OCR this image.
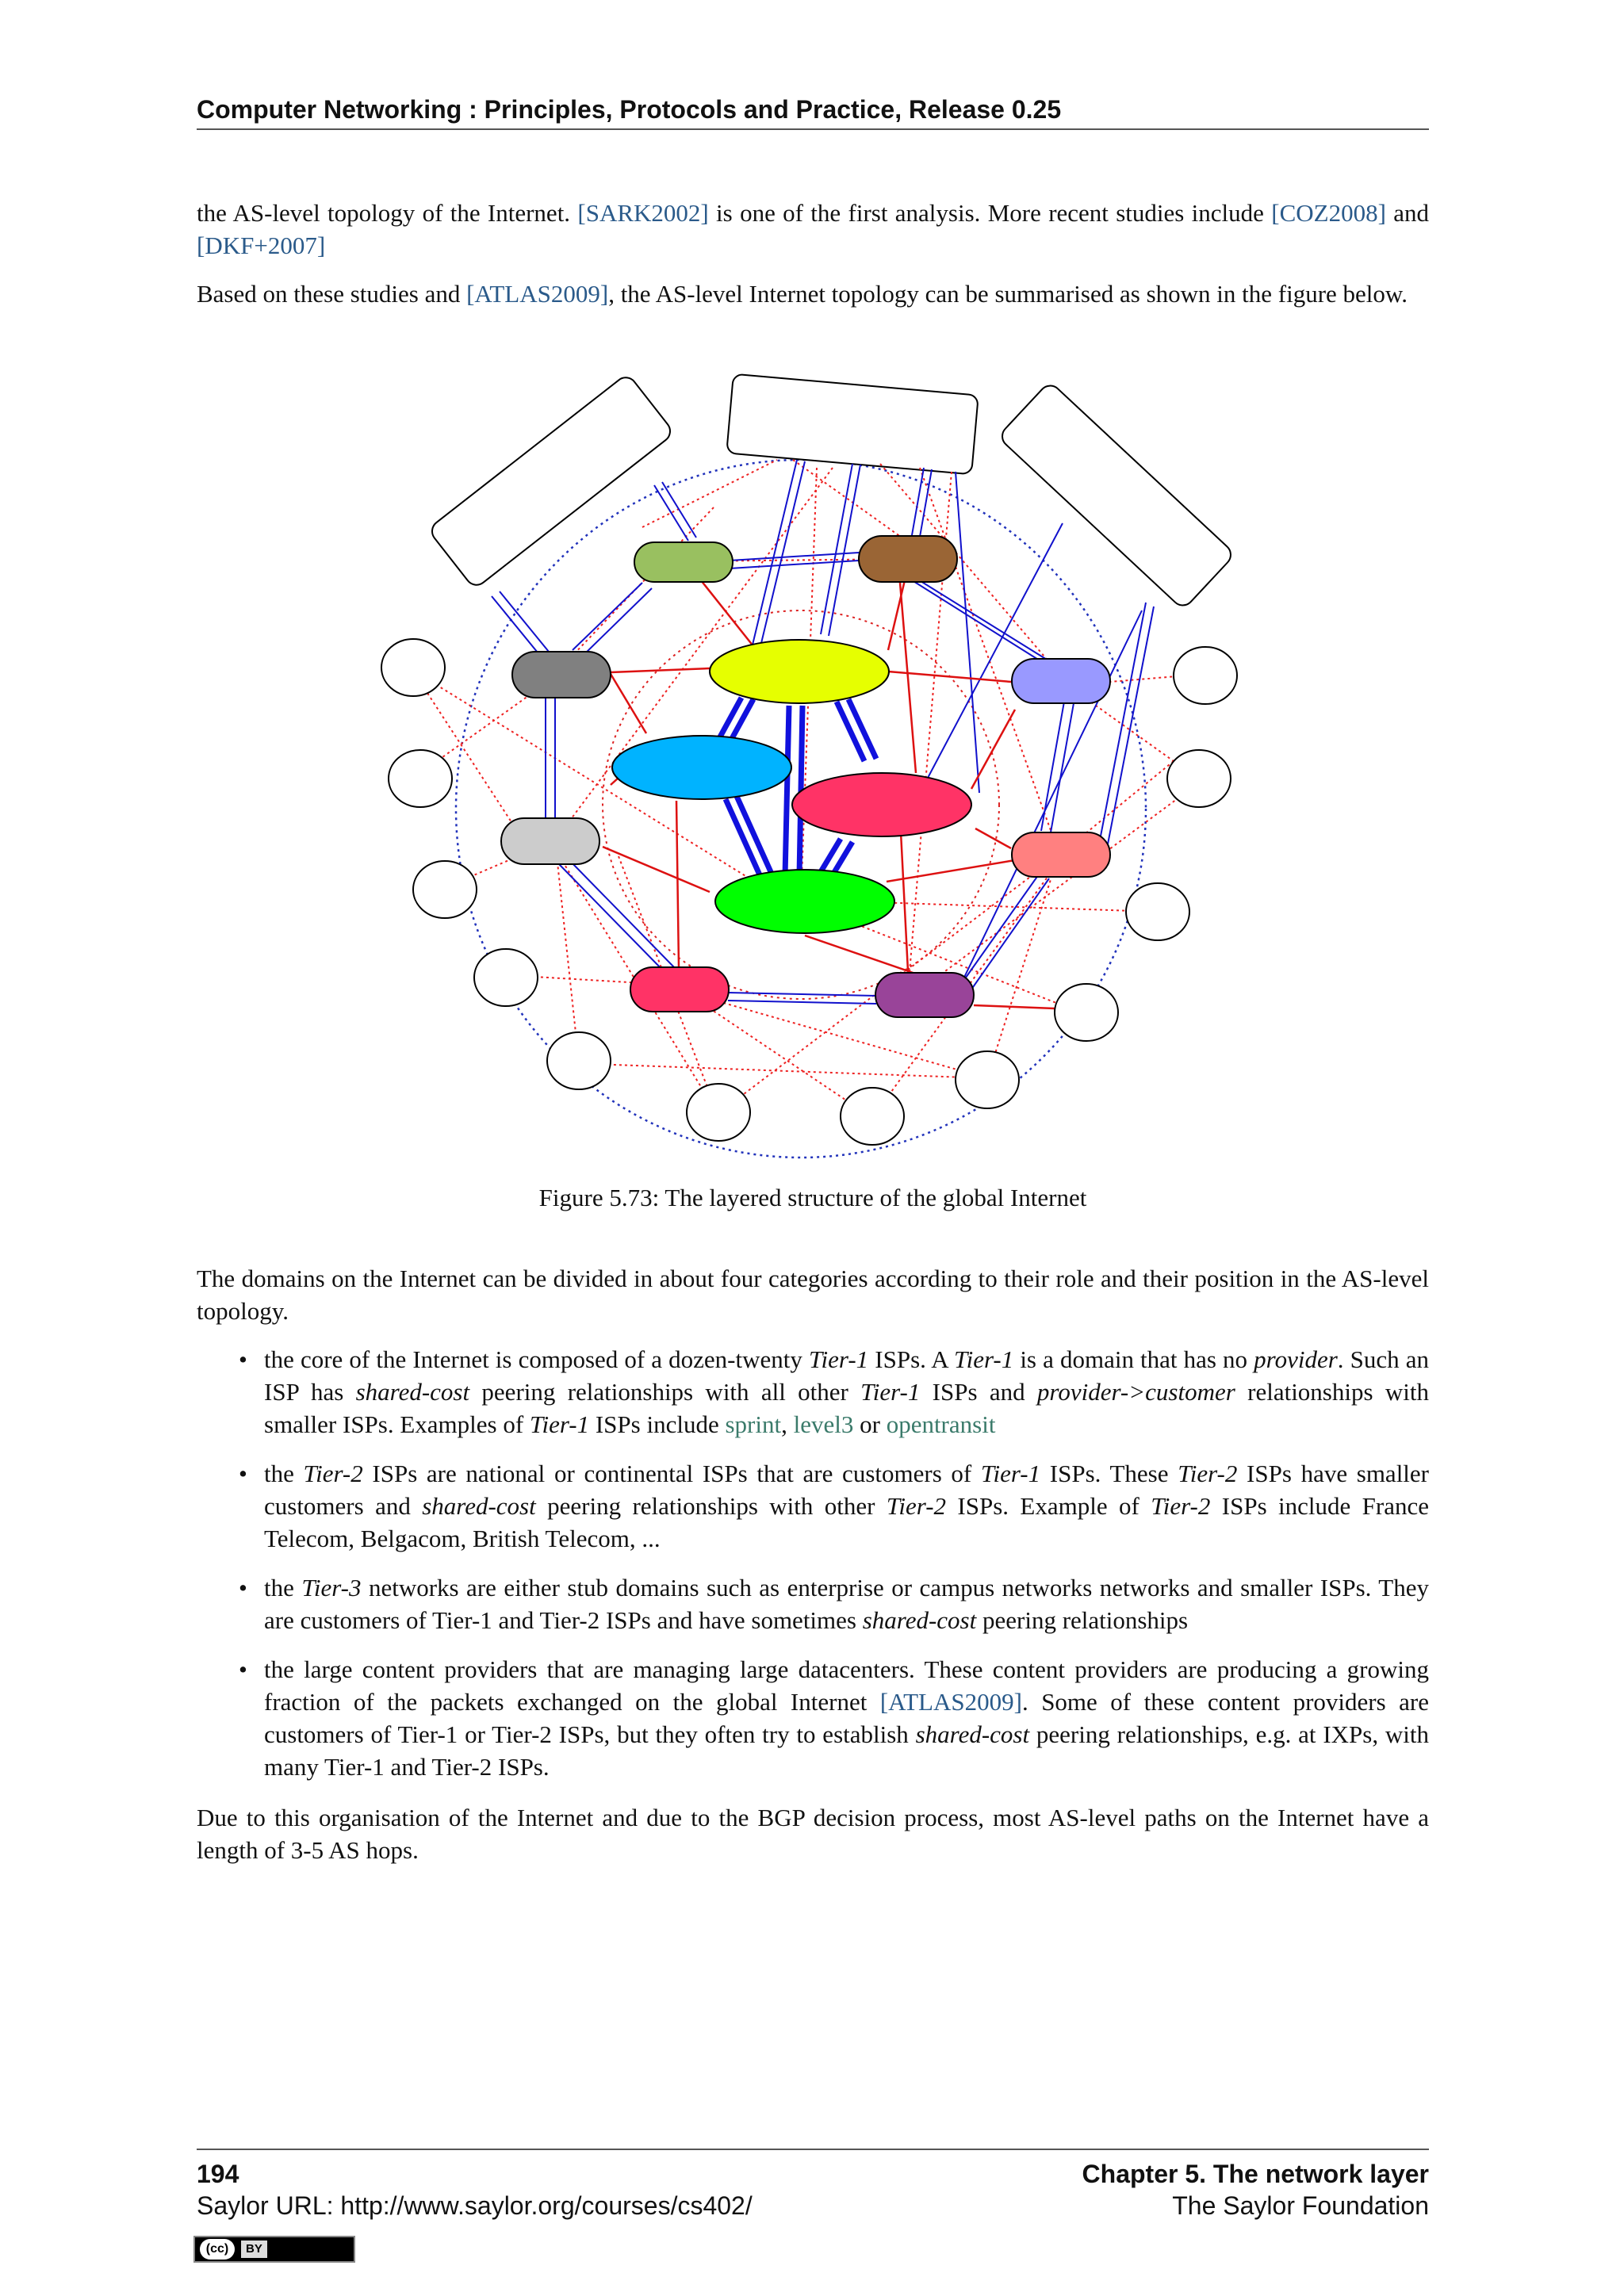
Computer Networking : Principles, Protocols and Practice, Release 0.25

the AS-level topology of the Internet. [SARK2002] is one of the first analysis. More recent studies include [COZ2008] and [DKF+2007]

Based on these studies and [ATLAS2009], the AS-level Internet topology can be summarised as shown in the figure below.

Figure 5.73: The layered structure of the global Internet

The domains on the Internet can be divided in about four categories according to their role and their position in the AS-level topology.

• the core of the Internet is composed of a dozen-twenty Tier-1 ISPs. A Tier-1 is a domain that has no provider. Such an ISP has shared-cost peering relationships with all other Tier-1 ISPs and provider->customer relationships with smaller ISPs. Examples of Tier-1 ISPs include sprint, level3 or opentransit
• the Tier-2 ISPs are national or continental ISPs that are customers of Tier-1 ISPs. These Tier-2 ISPs have smaller customers and shared-cost peering relationships with other Tier-2 ISPs. Example of Tier-2 ISPs include France Telecom, Belgacom, British Telecom, ...
• the Tier-3 networks are either stub domains such as enterprise or campus networks networks and smaller ISPs. They are customers of Tier-1 and Tier-2 ISPs and have sometimes shared-cost peering relationships
• the large content providers that are managing large datacenters. These content providers are producing a growing fraction of the packets exchanged on the global Internet [ATLAS2009]. Some of these content providers are customers of Tier-1 or Tier-2 ISPs, but they often try to establish shared-cost peering relationships, e.g. at IXPs, with many Tier-1 and Tier-2 ISPs.

Due to this organisation of the Internet and due to the BGP decision process, most AS-level paths on the Internet have a length of 3-5 AS hops.

194
Saylor URL: http://www.saylor.org/courses/cs402/
Chapter 5. The network layer
The Saylor Foundation
(cc)	BY
